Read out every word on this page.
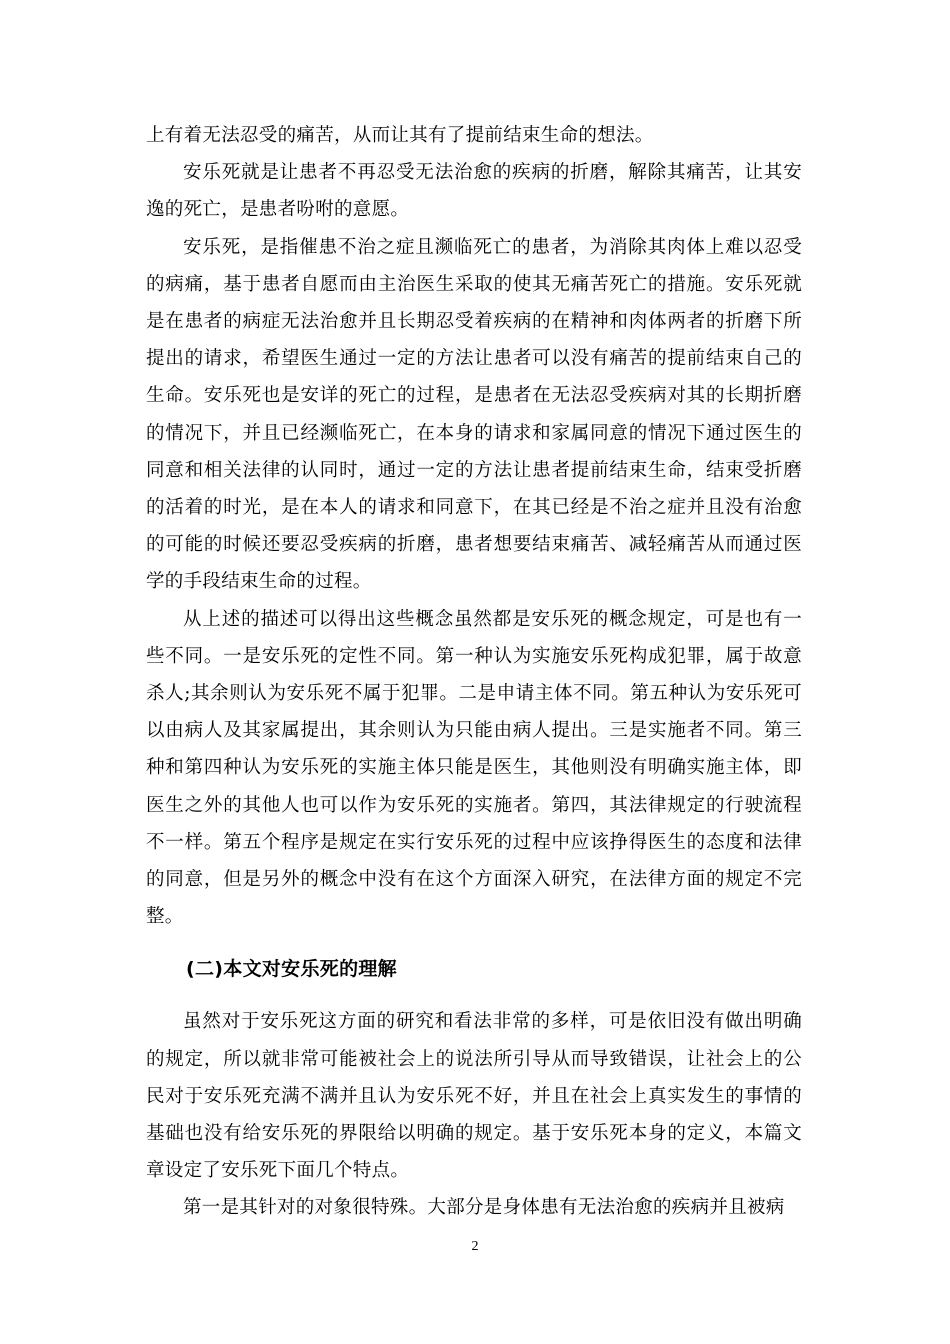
上有着无法忍受的痛苦，从而让其有了提前结束生命的想法。

安乐死就是让患者不再忍受无法治愈的疾病的折磨，解除其痛苦，让其安逸的死亡，是患者吩咐的意愿。

安乐死，是指催患不治之症且濒临死亡的患者，为消除其肉体上难以忍受的病痛，基于患者自愿而由主治医生采取的使其无痛苦死亡的措施。安乐死就是在患者的病症无法治愈并且长期忍受着疾病的在精神和肉体两者的折磨下所提出的请求，希望医生通过一定的方法让患者可以没有痛苦的提前结束自己的生命。安乐死也是安详的死亡的过程，是患者在无法忍受疾病对其的长期折磨的情况下，并且已经濒临死亡，在本身的请求和家属同意的情况下通过医生的同意和相关法律的认同时，通过一定的方法让患者提前结束生命，结束受折磨的活着的时光，是在本人的请求和同意下，在其已经是不治之症并且没有治愈的可能的时候还要忍受疾病的折磨，患者想要结束痛苦、减轻痛苦从而通过医学的手段结束生命的过程。

从上述的描述可以得出这些概念虽然都是安乐死的概念规定，可是也有一些不同。一是安乐死的定性不同。第一种认为实施安乐死构成犯罪，属于故意杀人;其余则认为安乐死不属于犯罪。二是申请主体不同。第五种认为安乐死可以由病人及其家属提出，其余则认为只能由病人提出。三是实施者不同。第三种和第四种认为安乐死的实施主体只能是医生，其他则没有明确实施主体，即医生之外的其他人也可以作为安乐死的实施者。第四，其法律规定的行驶流程不一样。第五个程序是规定在实行安乐死的过程中应该挣得医生的态度和法律的同意，但是另外的概念中没有在这个方面深入研究，在法律方面的规定不完整。

(二)本文对安乐死的理解

虽然对于安乐死这方面的研究和看法非常的多样，可是依旧没有做出明确的规定，所以就非常可能被社会上的说法所引导从而导致错误，让社会上的公民对于安乐死充满不满并且认为安乐死不好，并且在社会上真实发生的事情的基础也没有给安乐死的界限给以明确的规定。基于安乐死本身的定义，本篇文章设定了安乐死下面几个特点。

第一是其针对的对象很特殊。大部分是身体患有无法治愈的疾病并且被病

2
